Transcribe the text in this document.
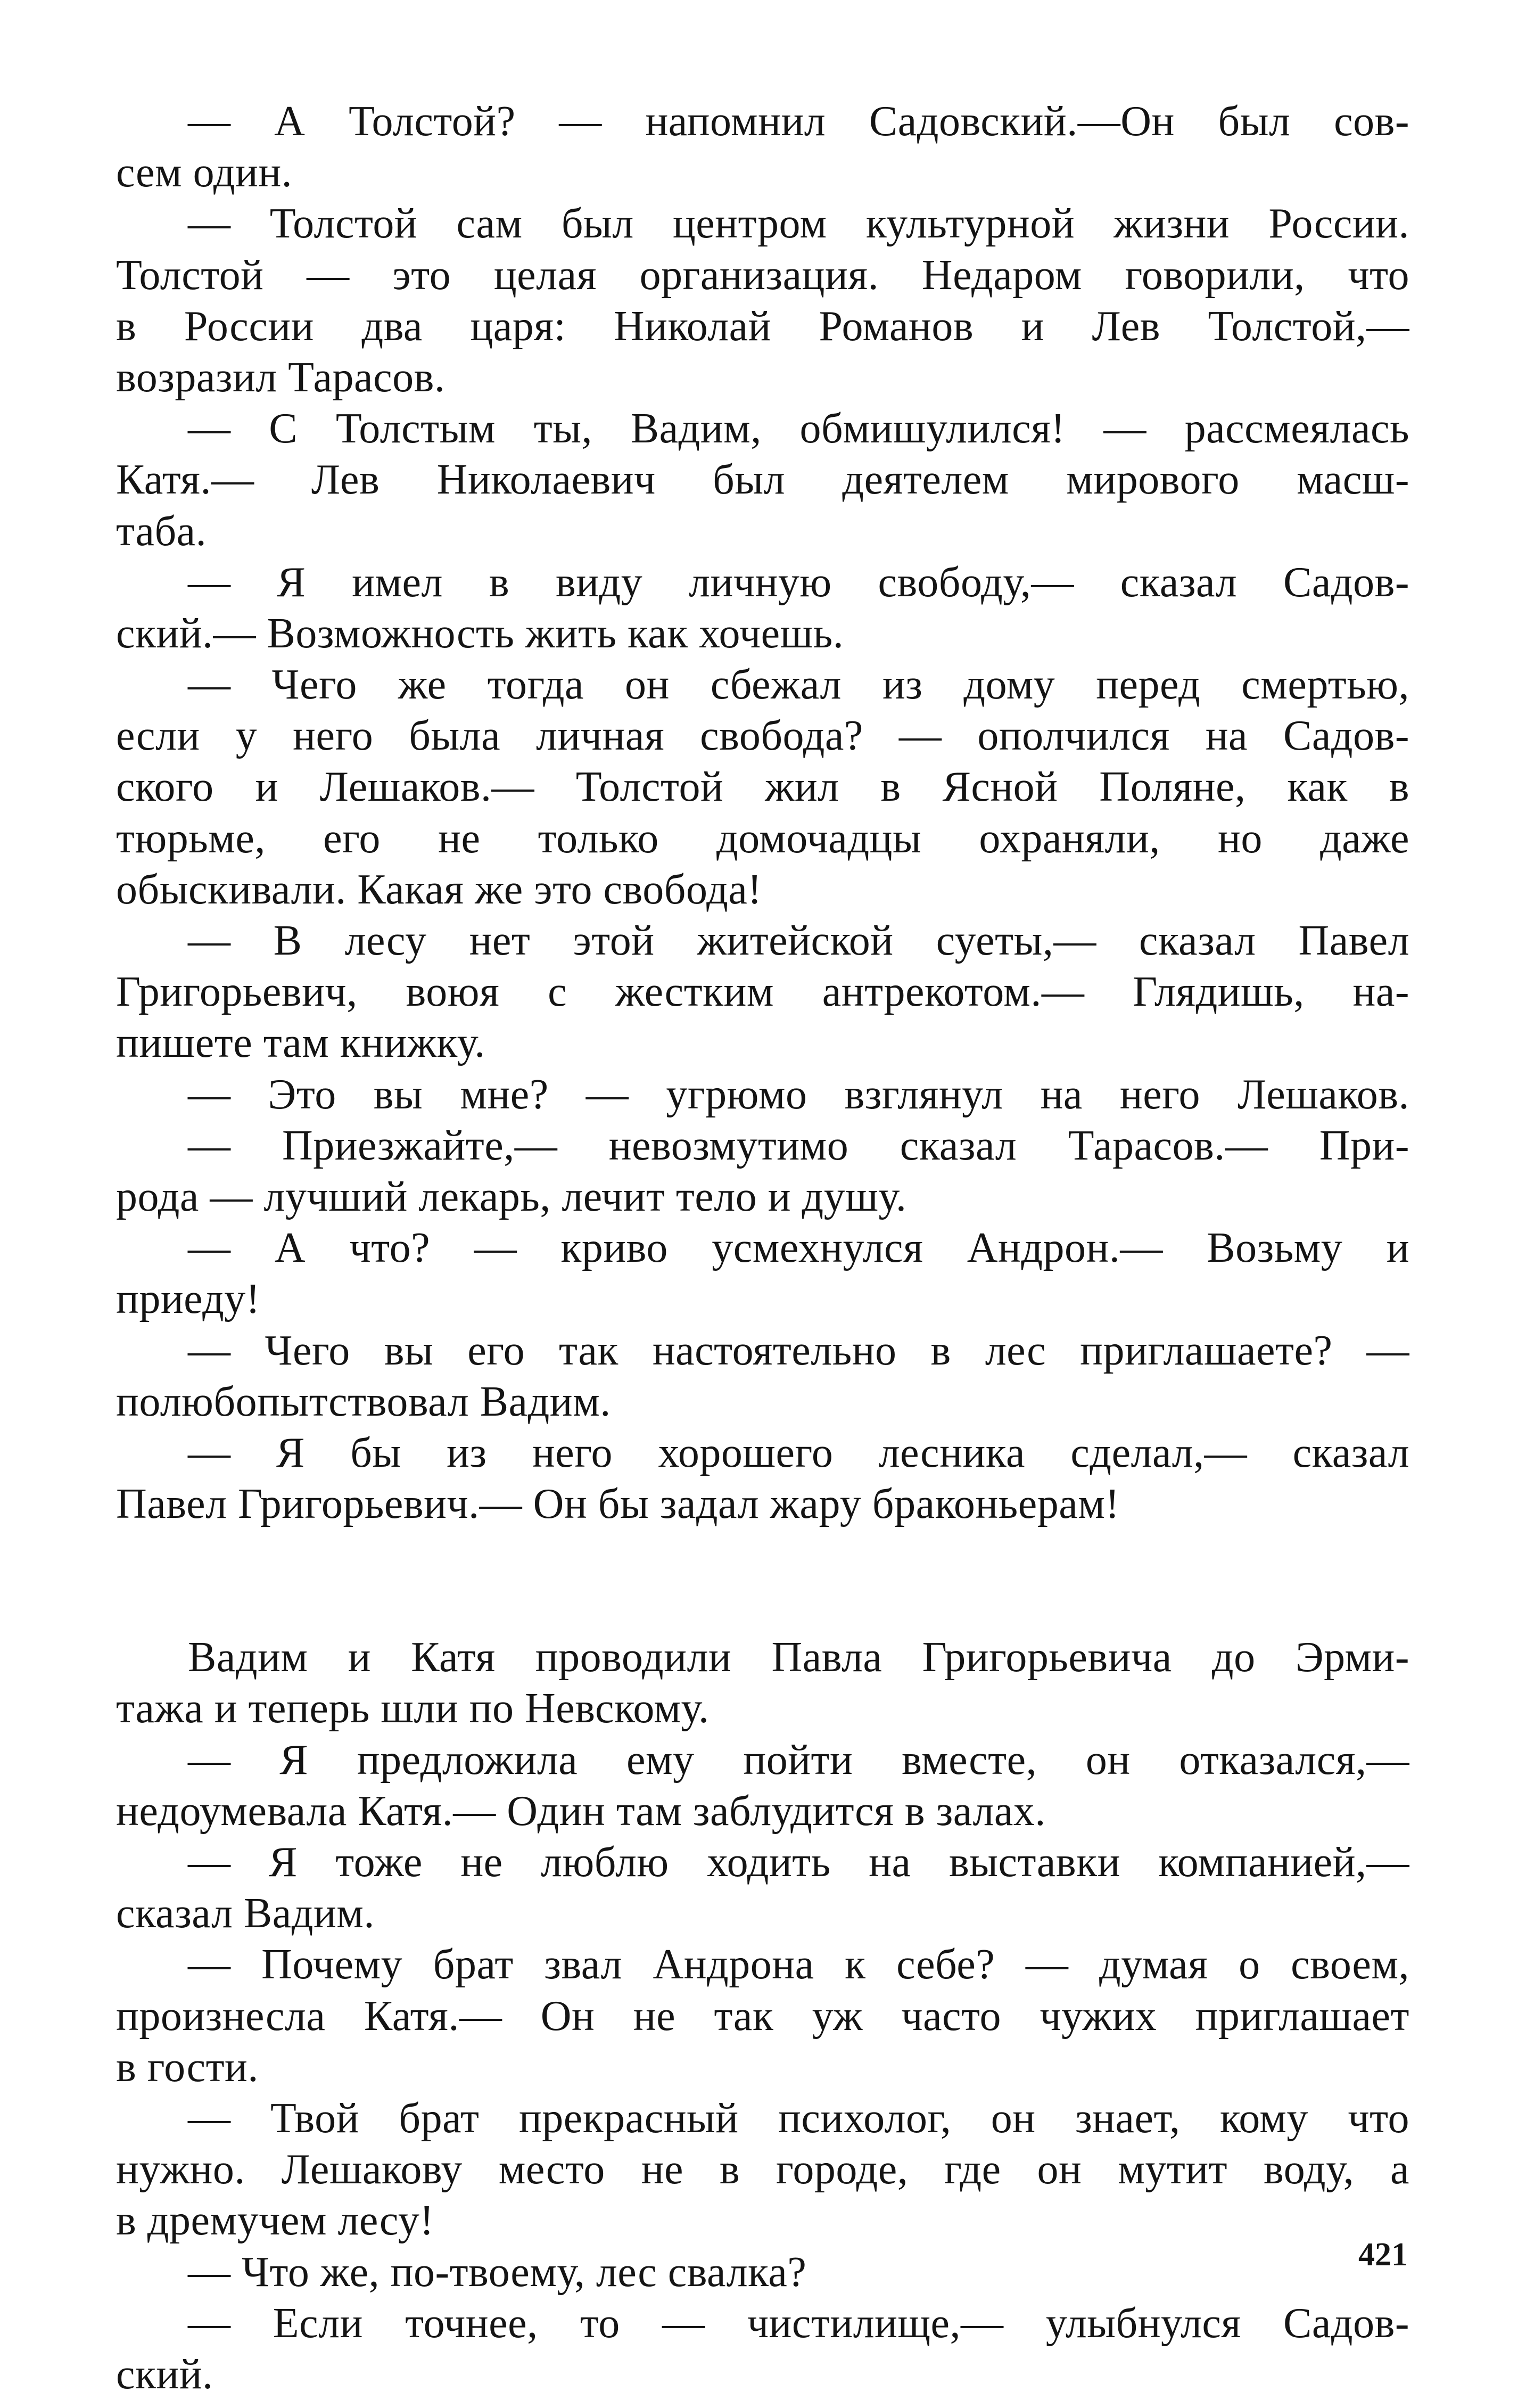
— А Толстой? — напомнил Садовский.—Он был сов-
сем один.
— Толстой сам был центром культурной жизни России.
Толстой — это целая организация. Недаром говорили, что
в России два царя: Николай Романов и Лев Толстой,—
возразил Тарасов.
— С Толстым ты, Вадим, обмишулился! — рассмеялась
Катя.— Лев Николаевич был деятелем мирового масш-
таба.
— Я имел в виду личную свободу,— сказал Садов-
ский.— Возможность жить как хочешь.
— Чего же тогда он сбежал из дому перед смертью,
если у него была личная свобода? — ополчился на Садов-
ского и Лешаков.— Толстой жил в Ясной Поляне, как в
тюрьме, его не только домочадцы охраняли, но даже
обыскивали. Какая же это свобода!
— В лесу нет этой житейской суеты,— сказал Павел
Григорьевич, воюя с жестким антрекотом.— Глядишь, на-
пишете там книжку.
— Это вы мне? — угрюмо взглянул на него Лешаков.
— Приезжайте,— невозмутимо сказал Тарасов.— При-
рода — лучший лекарь, лечит тело и душу.
— А что? — криво усмехнулся Андрон.— Возьму и
приеду!
— Чего вы его так настоятельно в лес приглашаете? —
полюбопытствовал Вадим.
— Я бы из него хорошего лесника сделал,— сказал
Павел Григорьевич.— Он бы задал жару браконьерам!
Вадим и Катя проводили Павла Григорьевича до Эрми-
тажа и теперь шли по Невскому.
— Я предложила ему пойти вместе, он отказался,—
недоумевала Катя.— Один там заблудится в залах.
— Я тоже не люблю ходить на выставки компанией,—
сказал Вадим.
— Почему брат звал Андрона к себе? — думая о своем,
произнесла Катя.— Он не так уж часто чужих приглашает
в гости.
— Твой брат прекрасный психолог, он знает, кому что
нужно. Лешакову место не в городе, где он мутит воду, а
в дремучем лесу!
— Что же, по-твоему, лес свалка?
— Если точнее, то — чистилище,— улыбнулся Садов-
ский.
421
